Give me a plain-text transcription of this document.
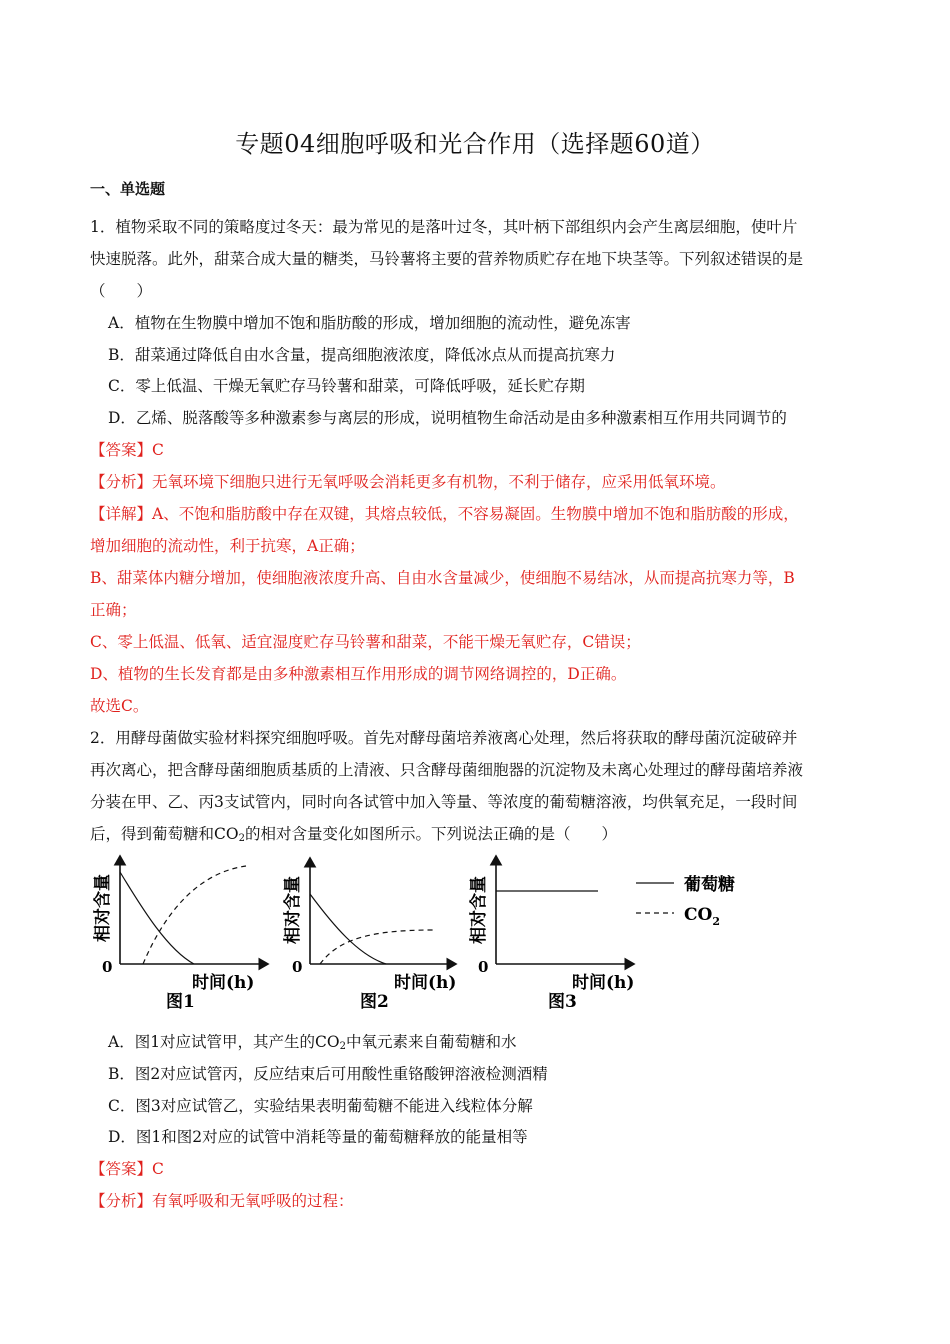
专题04细胞呼吸和光合作用（选择题60道）
一、单选题
1．植物采取不同的策略度过冬天：最为常见的是落叶过冬，其叶柄下部组织内会产生离层细胞，使叶片
快速脱落。此外，甜菜合成大量的糖类，马铃薯将主要的营养物质贮存在地下块茎等。下列叙述错误的是
（　　）
A．植物在生物膜中增加不饱和脂肪酸的形成，增加细胞的流动性，避免冻害
B．甜菜通过降低自由水含量，提高细胞液浓度，降低冰点从而提高抗寒力
C．零上低温、干燥无氧贮存马铃薯和甜菜，可降低呼吸，延长贮存期
D．乙烯、脱落酸等多种激素参与离层的形成，说明植物生命活动是由多种激素相互作用共同调节的
【答案】C
【分析】无氧环境下细胞只进行无氧呼吸会消耗更多有机物，不利于储存，应采用低氧环境。
【详解】A、不饱和脂肪酸中存在双键，其熔点较低，不容易凝固。生物膜中增加不饱和脂肪酸的形成，
增加细胞的流动性，利于抗寒，A正确；
B、甜菜体内糖分增加，使细胞液浓度升高、自由水含量减少，使细胞不易结冰，从而提高抗寒力等，B
正确；
C、零上低温、低氧、适宜湿度贮存马铃薯和甜菜，不能干燥无氧贮存，C错误；
D、植物的生长发育都是由多种激素相互作用形成的调节网络调控的，D正确。
故选C。
2．用酵母菌做实验材料探究细胞呼吸。首先对酵母菌培养液离心处理，然后将获取的酵母菌沉淀破碎并
再次离心，把含酵母菌细胞质基质的上清液、只含酵母菌细胞器的沉淀物及未离心处理过的酵母菌培养液
分装在甲、乙、丙3支试管内，同时向各试管中加入等量、等浓度的葡萄糖溶液，均供氧充足，一段时间
后，得到葡萄糖和$CO_2$的相对含量变化如图所示。下列说法正确的是（　　）
相对含量
0
时间(h)
图1
相对含量
0
时间(h)
图2
相对含量
0
时间(h)
图3
葡萄糖
$CO_2$
A．图1对应试管甲，其产生的$CO_2$中氧元素来自葡萄糖和水
B．图2对应试管丙，反应结束后可用酸性重铬酸钾溶液检测酒精
C．图3对应试管乙，实验结果表明葡萄糖不能进入线粒体分解
D．图1和图2对应的试管中消耗等量的葡萄糖释放的能量相等
【答案】C
【分析】有氧呼吸和无氧呼吸的过程：
